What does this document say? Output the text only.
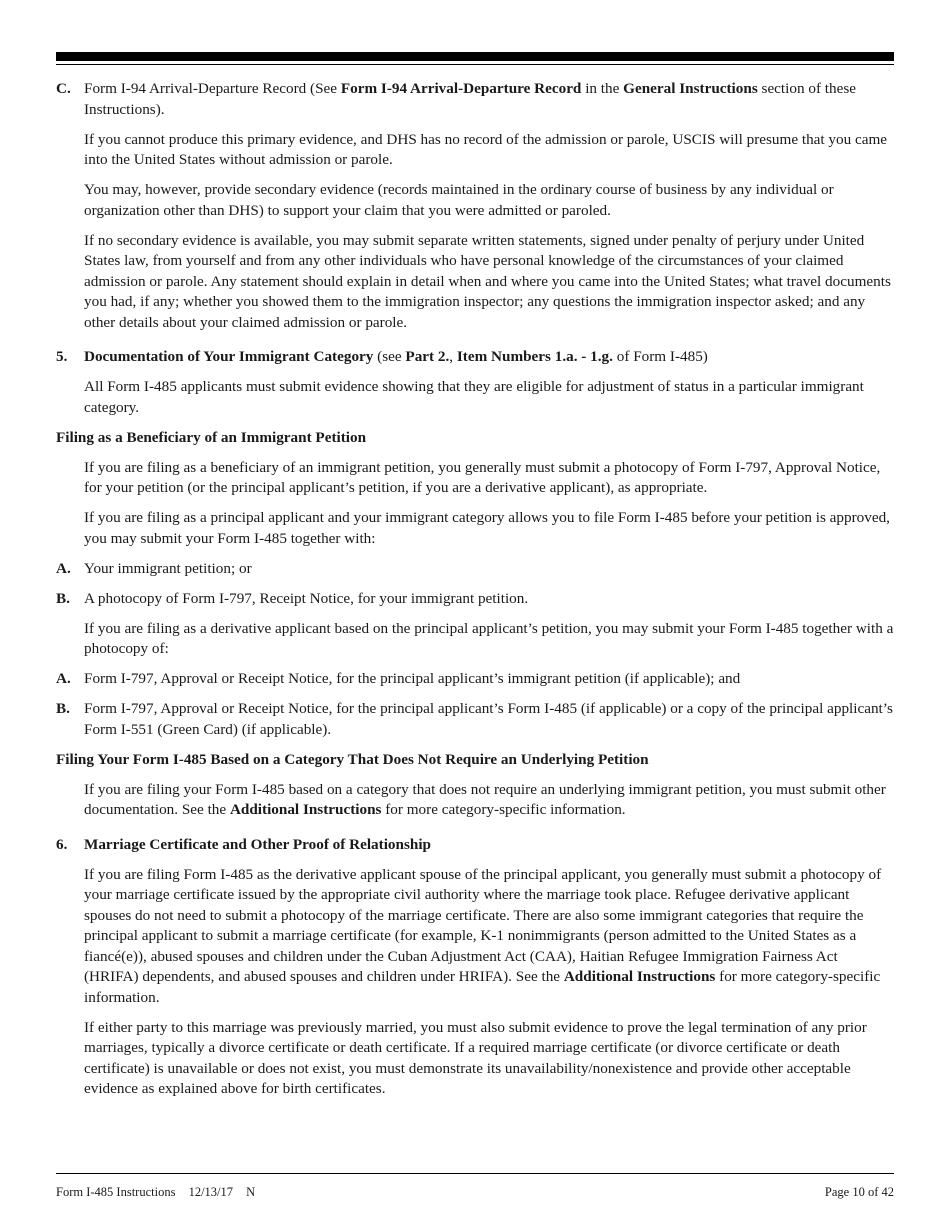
C. Form I-94 Arrival-Departure Record (See Form I-94 Arrival-Departure Record in the General Instructions section of these Instructions).

If you cannot produce this primary evidence, and DHS has no record of the admission or parole, USCIS will presume that you came into the United States without admission or parole.

You may, however, provide secondary evidence (records maintained in the ordinary course of business by any individual or organization other than DHS) to support your claim that you were admitted or paroled.

If no secondary evidence is available, you may submit separate written statements, signed under penalty of perjury under United States law, from yourself and from any other individuals who have personal knowledge of the circumstances of your claimed admission or parole. Any statement should explain in detail when and where you came into the United States; what travel documents you had, if any; whether you showed them to the immigration inspector; any questions the immigration inspector asked; and any other details about your claimed admission or parole.

5.	Documentation of Your Immigrant Category (see Part 2., Item Numbers 1.a. - 1.g. of Form I-485)

All Form I-485 applicants must submit evidence showing that they are eligible for adjustment of status in a particular immigrant category.

Filing as a Beneficiary of an Immigrant Petition

If you are filing as a beneficiary of an immigrant petition, you generally must submit a photocopy of Form I-797, Approval Notice, for your petition (or the principal applicant’s petition, if you are a derivative applicant), as appropriate.

If you are filing as a principal applicant and your immigrant category allows you to file Form I-485 before your petition is approved, you may submit your Form I-485 together with:

A. Your immigrant petition; or
B. A photocopy of Form I-797, Receipt Notice, for your immigrant petition.

If you are filing as a derivative applicant based on the principal applicant’s petition, you may submit your Form I-485 together with a photocopy of:

A. Form I-797, Approval or Receipt Notice, for the principal applicant’s immigrant petition (if applicable); and
B. Form I-797, Approval or Receipt Notice, for the principal applicant’s Form I-485 (if applicable) or a copy of the principal applicant’s Form I-551 (Green Card) (if applicable).
Filing Your Form I-485 Based on a Category That Does Not Require an Underlying Petition

If you are filing your Form I-485 based on a category that does not require an underlying immigrant petition, you must submit other documentation. See the Additional Instructions for more category-specific information.

6.	Marriage Certificate and Other Proof of Relationship

If you are filing Form I-485 as the derivative applicant spouse of the principal applicant, you generally must submit a photocopy of your marriage certificate issued by the appropriate civil authority where the marriage took place. Refugee derivative applicant spouses do not need to submit a photocopy of the marriage certificate. There are also some immigrant categories that require the principal applicant to submit a marriage certificate (for example, K-1 nonimmigrants (person admitted to the United States as a fiancé(e)), abused spouses and children under the Cuban Adjustment Act (CAA), Haitian Refugee Immigration Fairness Act (HRIFA) dependents, and abused spouses and children under HRIFA). See the Additional Instructions for more category-specific information.

If either party to this marriage was previously married, you must also submit evidence to prove the legal termination of any prior marriages, typically a divorce certificate or death certificate. If a required marriage certificate (or divorce certificate or death certificate) is unavailable or does not exist, you must demonstrate its unavailability/nonexistence and provide other acceptable evidence as explained above for birth certificates.

Form I-485 Instructions 12/13/17 N	Page 10 of 42
